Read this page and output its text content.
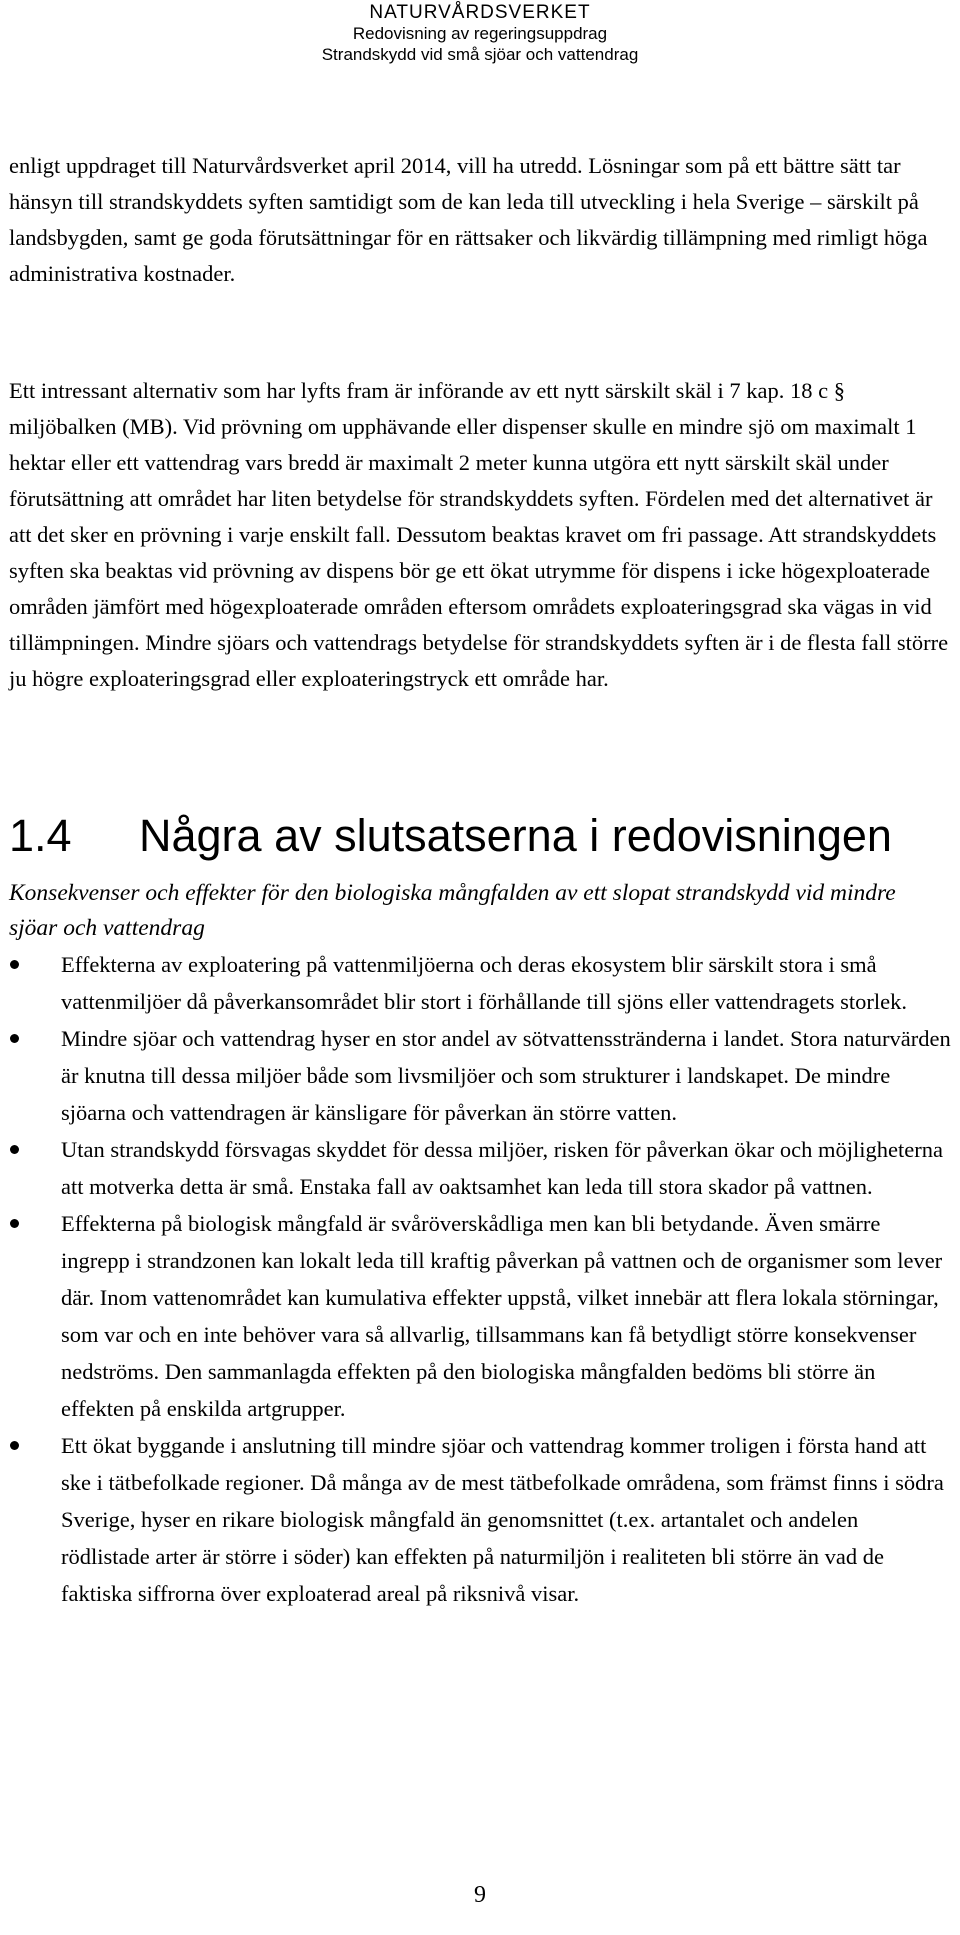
NATURVÅRDSVERKET
Redovisning av regeringsuppdrag
Strandskydd vid små sjöar och vattendrag

enligt uppdraget till Naturvårdsverket april 2014, vill ha utredd. Lösningar som på ett bättre sätt tar hänsyn till strandskyddets syften samtidigt som de kan leda till utveckling i hela Sverige – särskilt på landsbygden, samt ge goda förutsättningar för en rättsaker och likvärdig tillämpning med rimligt höga administrativa kostnader.

Ett intressant alternativ som har lyfts fram är införande av ett nytt särskilt skäl i 7 kap. 18 c § miljöbalken (MB). Vid prövning om upphävande eller dispenser skulle en mindre sjö om maximalt 1 hektar eller ett vattendrag vars bredd är maximalt 2 meter kunna utgöra ett nytt särskilt skäl under förutsättning att området har liten betydelse för strandskyddets syften. Fördelen med det alternativet är att det sker en prövning i varje enskilt fall. Dessutom beaktas kravet om fri passage. Att strandskyddets syften ska beaktas vid prövning av dispens bör ge ett ökat utrymme för dispens i icke högexploaterade områden jämfört med högexploaterade områden eftersom områdets exploateringsgrad ska vägas in vid tillämpningen. Mindre sjöars och vattendrags betydelse för strandskyddets syften är i de flesta fall större ju högre exploateringsgrad eller exploateringstryck ett område har.

1.4 Några av slutsatserna i redovisningen
Konsekvenser och effekter för den biologiska mångfalden av ett slopat strandskydd vid mindre sjöar och vattendrag
Effekterna av exploatering på vattenmiljöerna och deras ekosystem blir särskilt stora i små vattenmiljöer då påverkansområdet blir stort i förhållande till sjöns eller vattendragets storlek.
Mindre sjöar och vattendrag hyser en stor andel av sötvattensstränderna i landet. Stora naturvärden är knutna till dessa miljöer både som livsmiljöer och som strukturer i landskapet. De mindre sjöarna och vattendragen är känsligare för påverkan än större vatten.
Utan strandskydd försvagas skyddet för dessa miljöer, risken för påverkan ökar och möjligheterna att motverka detta är små. Enstaka fall av oaktsamhet kan leda till stora skador på vattnen.
Effekterna på biologisk mångfald är svåröverskådliga men kan bli betydande. Även smärre ingrepp i strandzonen kan lokalt leda till kraftig påverkan på vattnen och de organismer som lever där. Inom vattenområdet kan kumulativa effekter uppstå, vilket innebär att flera lokala störningar, som var och en inte behöver vara så allvarlig, tillsammans kan få betydligt större konsekvenser nedströms. Den sammanlagda effekten på den biologiska mångfalden bedöms bli större än effekten på enskilda artgrupper.
Ett ökat byggande i anslutning till mindre sjöar och vattendrag kommer troligen i första hand att ske i tätbefolkade regioner. Då många av de mest tätbefolkade områdena, som främst finns i södra Sverige, hyser en rikare biologisk mångfald än genomsnittet (t.ex. artantalet och andelen rödlistade arter är större i söder) kan effekten på naturmiljön i realiteten bli större än vad de faktiska siffrorna över exploaterad areal på riksnivå visar.
9
